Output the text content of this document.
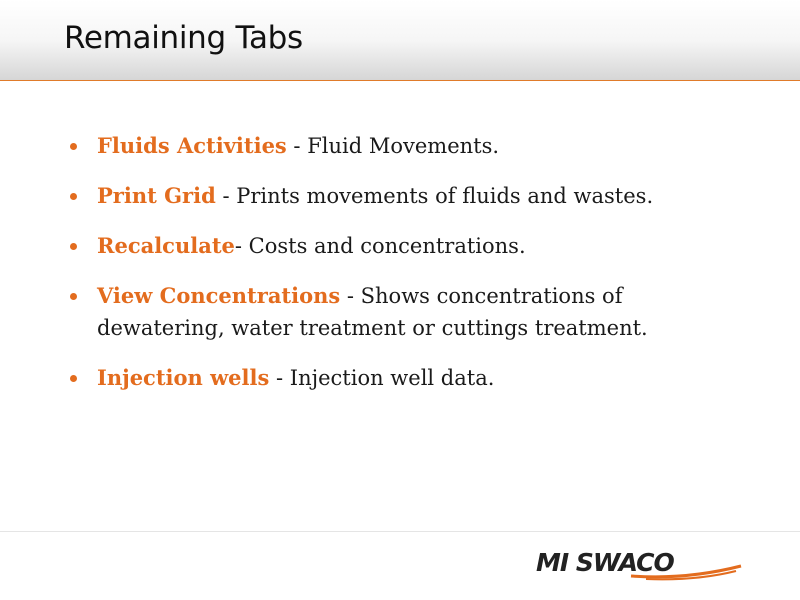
Remaining Tabs
Fluids Activities - Fluid Movements.
Print Grid - Prints movements of fluids and wastes.
Recalculate- Costs and concentrations.
View Concentrations - Shows concentrations of dewatering, water treatment or cuttings treatment.
Injection wells - Injection well data.
MI SWACO
